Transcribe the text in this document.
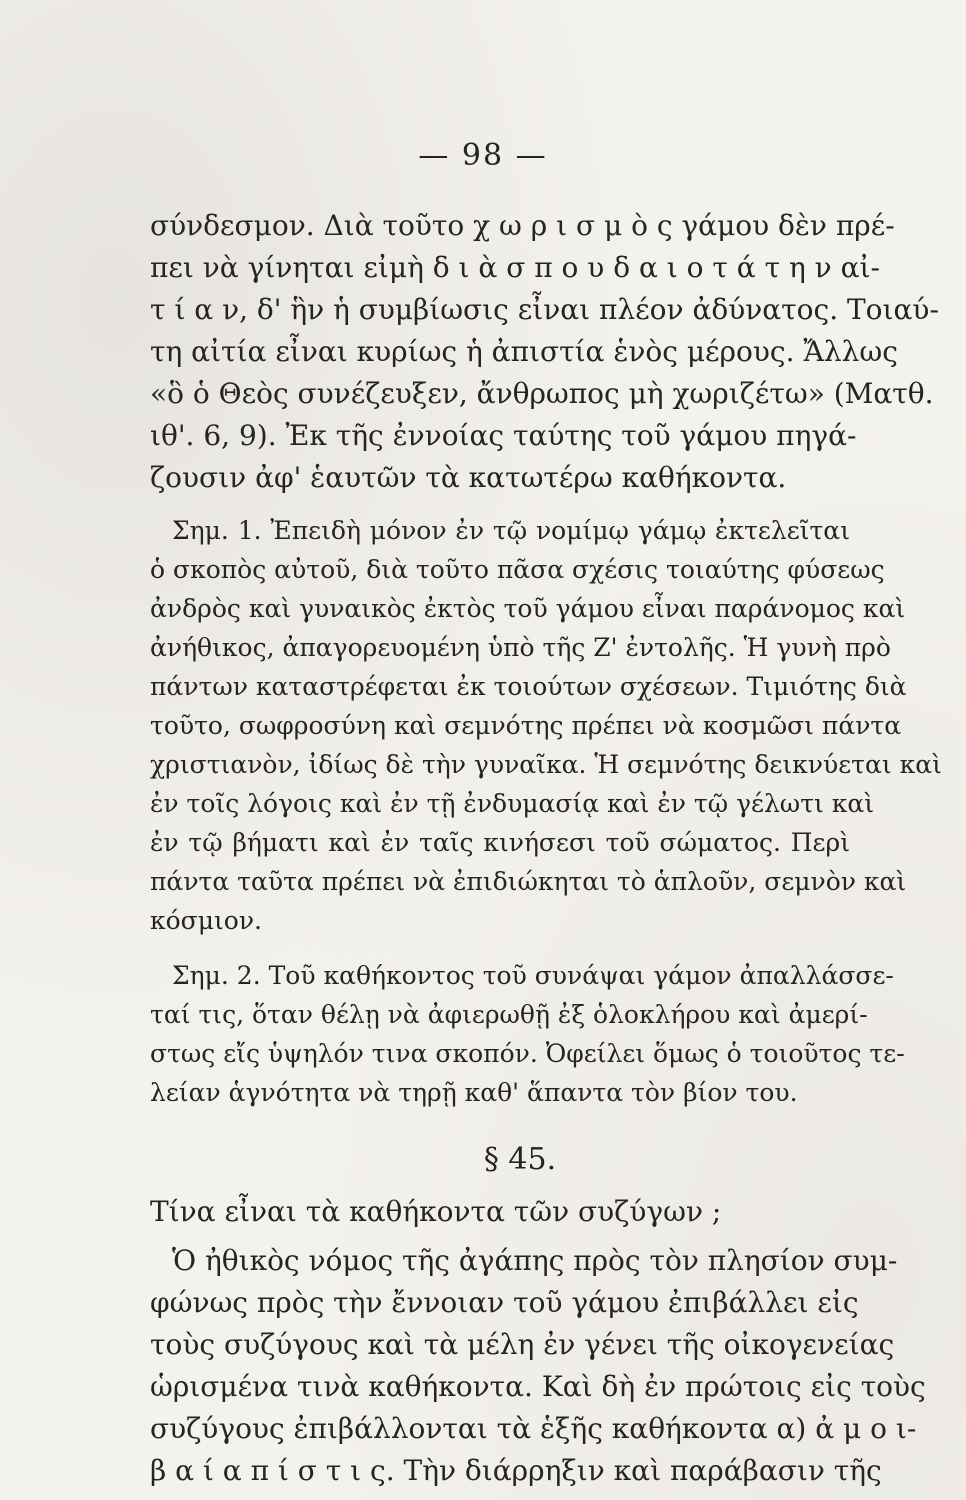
— 98 —
σύνδεσμον. Διὰ τοῦτο χ ω ρ ι σ μ ὸ ς γάμου δὲν πρέ-
πει νὰ γίνηται εἰμὴ δ ι ὰ σ π ο υ δ α ι ο τ ά τ η ν αἰ-
τ ί α ν, δ' ἣν ἡ συμβίωσις εἶναι πλέον ἀδύνατος. Τοιαύ-
τη αἰτία εἶναι κυρίως ἡ ἀπιστία ἑνὸς μέρους. Ἄλλως
«ὃ ὁ Θεὸς συνέζευξεν, ἄνθρωπος μὴ χωριζέτω» (Ματθ.
ιθ'. 6, 9). Ἐκ τῆς ἐννοίας ταύτης τοῦ γάμου πηγά-
ζουσιν ἀφ' ἑαυτῶν τὰ κατωτέρω καθήκοντα.
Σημ. 1. Ἐπειδὴ μόνον ἐν τῷ νομίμῳ γάμῳ ἐκτελεῖται
ὁ σκοπὸς αὐτοῦ, διὰ τοῦτο πᾶσα σχέσις τοιαύτης φύσεως
ἀνδρὸς καὶ γυναικὸς ἐκτὸς τοῦ γάμου εἶναι παράνομος καὶ
ἀνήθικος, ἀπαγορευομένη ὑπὸ τῆς Ζ' ἐντολῆς. Ἡ γυνὴ πρὸ
πάντων καταστρέφεται ἐκ τοιούτων σχέσεων. Τιμιότης διὰ
τοῦτο, σωφροσύνη καὶ σεμνότης πρέπει νὰ κοσμῶσι πάντα
χριστιανὸν, ἰδίως δὲ τὴν γυναῖκα. Ἡ σεμνότης δεικνύεται καὶ
ἐν τοῖς λόγοις καὶ ἐν τῇ ἐνδυμασίᾳ καὶ ἐν τῷ γέλωτι καὶ
ἐν τῷ βήματι καὶ ἐν ταῖς κινήσεσι τοῦ σώματος. Περὶ
πάντα ταῦτα πρέπει νὰ ἐπιδιώκηται τὸ ἁπλοῦν, σεμνὸν καὶ
κόσμιον.
Σημ. 2. Τοῦ καθήκοντος τοῦ συνάψαι γάμον ἀπαλλάσσε-
ταί τις, ὅταν θέλῃ νὰ ἀφιερωθῇ ἐξ ὁλοκλήρου καὶ ἀμερί-
στως εἴς ὑψηλόν τινα σκοπόν. Ὀφείλει ὅμως ὁ τοιοῦτος τε-
λείαν ἁγνότητα νὰ τηρῇ καθ' ἅπαντα τὸν βίον του.
§ 45.
Τίνα εἶναι τὰ καθήκοντα τῶν συζύγων ;
Ὁ ἠθικὸς νόμος τῆς ἀγάπης πρὸς τὸν πλησίον συμ-
φώνως πρὸς τὴν ἔννοιαν τοῦ γάμου ἐπιβάλλει εἰς
τοὺς συζύγους καὶ τὰ μέλη ἐν γένει τῆς οἰκογενείας
ὡρισμένα τινὰ καθήκοντα. Καὶ δὴ ἐν πρώτοις εἰς τοὺς
συζύγους ἐπιβάλλονται τὰ ἑξῆς καθήκοντα α) ἀ μ ο ι-
β α ί α π ί σ τ ι ς. Τὴν διάρρηξιν καὶ παράβασιν τῆς
